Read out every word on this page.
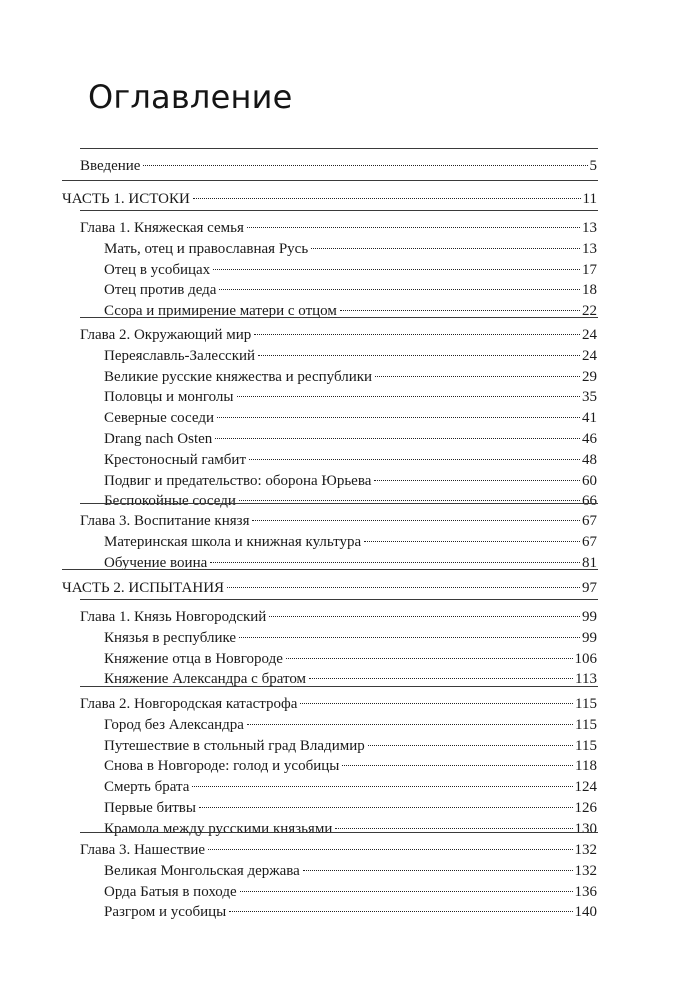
Оглавление
Введение	5
ЧАСТЬ 1. ИСТОКИ	11
Глава 1. Княжеская семья	13
Мать, отец и православная Русь	13
Отец в усобицах	17
Отец против деда	18
Ссора и примирение матери с отцом	22
Глава 2. Окружающий мир	24
Переяславль-Залесский	24
Великие русские княжества и республики	29
Половцы и монголы	35
Северные соседи	41
Drang nach Osten	46
Крестоносный гамбит	48
Подвиг и предательство: оборона Юрьева	60
Беспокойные соседи	66
Глава 3. Воспитание князя	67
Материнская школа и книжная культура	67
Обучение воина	81
ЧАСТЬ 2. ИСПЫТАНИЯ	97
Глава 1. Князь Новгородский	99
Князья в республике	99
Княжение отца в Новгороде	106
Княжение Александра с братом	113
Глава 2. Новгородская катастрофа	115
Город без Александра	115
Путешествие в стольный град Владимир	115
Снова в Новгороде: голод и усобицы	118
Смерть брата	124
Первые битвы	126
Крамола между русскими князьями	130
Глава 3. Нашествие	132
Великая Монгольская держава	132
Орда Батыя в походе	136
Разгром и усобицы	140
